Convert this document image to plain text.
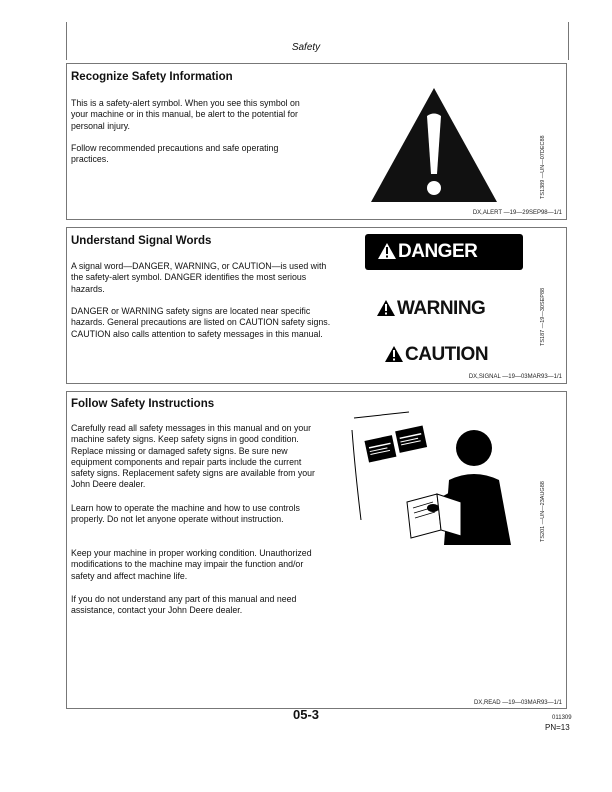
Safety
Recognize Safety Information
This is a safety-alert symbol. When you see this symbol on your machine or in this manual, be alert to the potential for personal injury.
Follow recommended precautions and safe operating practices.	TS1389 —UN—07DEC88
DX,ALERT —19—29SEP98—1/1
Understand Signal Words
A signal word—DANGER, WARNING, or CAUTION—is used with the safety-alert symbol. DANGER identifies the most serious hazards.
DANGER or WARNING safety signs are located near specific hazards. General precautions are listed on CAUTION safety signs. CAUTION also calls attention to safety messages in this manual.
DANGER
WARNING
CAUTION
TS187 —19—30SEP88
DX,SIGNAL —19—03MAR93—1/1
Follow Safety Instructions
Carefully read all safety messages in this manual and on your machine safety signs. Keep safety signs in good condition. Replace missing or damaged safety signs. Be sure new equipment components and repair parts include the current safety signs. Replacement safety signs are available from your John Deere dealer.
Learn how to operate the machine and how to use controls properly. Do not let anyone operate without instruction.
Keep your machine in proper working condition. Unauthorized modifications to the machine may impair the function and/or safety and affect machine life.
If you do not understand any part of this manual and need assistance, contact your John Deere dealer.
TS201 —UN—23AUG88
DX,READ —19—03MAR93—1/1
05-3	011309
PN=13
